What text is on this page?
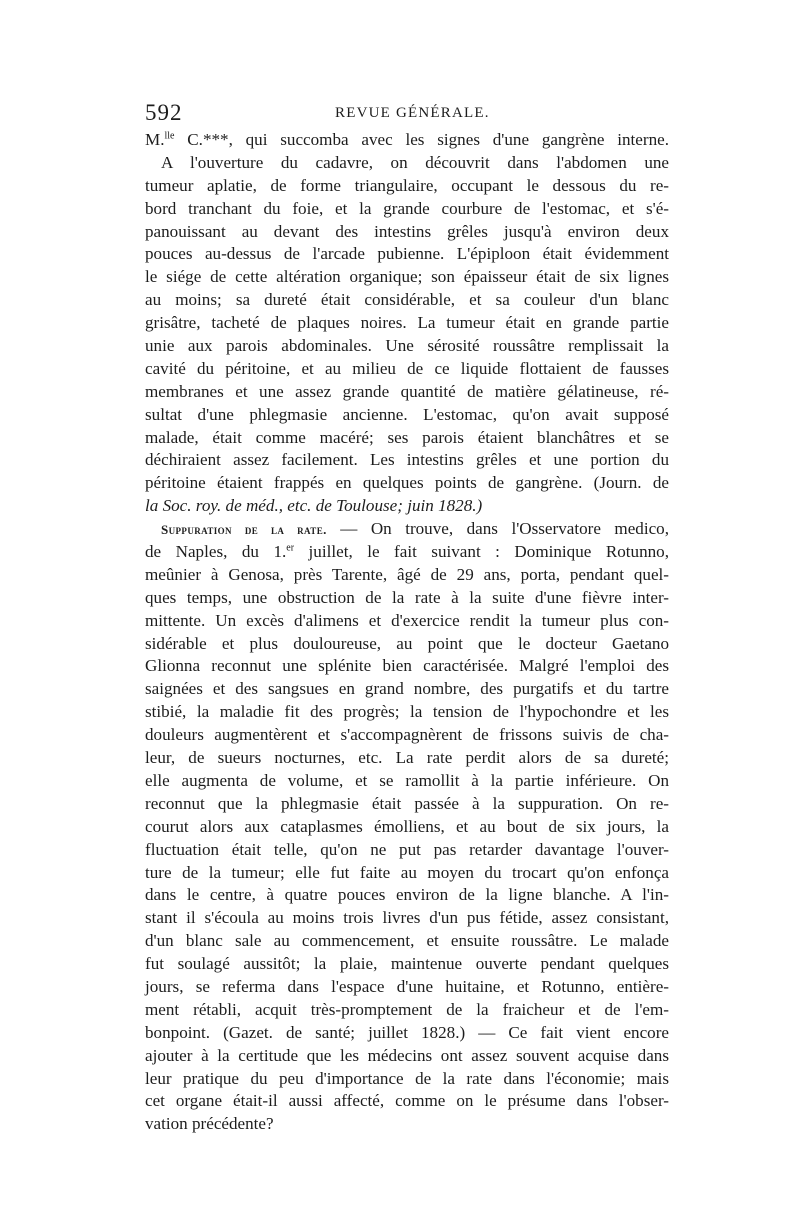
592	REVUE GÉNÉRALE.
M.$^{lle}$ C.***, qui succomba avec les signes d'une gangrène interne.
A l'ouverture du cadavre, on découvrit dans l'abdomen une
tumeur aplatie, de forme triangulaire, occupant le dessous du re-
bord tranchant du foie, et la grande courbure de l'estomac, et s'é-
panouissant au devant des intestins grêles jusqu'à environ deux
pouces au-dessus de l'arcade pubienne. L'épiploon était évidemment
le siége de cette altération organique; son épaisseur était de six lignes
au moins; sa dureté était considérable, et sa couleur d'un blanc
grisâtre, tacheté de plaques noires. La tumeur était en grande partie
unie aux parois abdominales. Une sérosité roussâtre remplissait la
cavité du péritoine, et au milieu de ce liquide flottaient de fausses
membranes et une assez grande quantité de matière gélatineuse, ré-
sultat d'une phlegmasie ancienne. L'estomac, qu'on avait supposé
malade, était comme macéré; ses parois étaient blanchâtres et se
déchiraient assez facilement. Les intestins grêles et une portion du
péritoine étaient frappés en quelques points de gangrène. (Journ. de
la Soc. roy. de méd., etc. de Toulouse; juin 1828.)
Suppuration de la rate. — On trouve, dans l'Osservatore medico,
de Naples, du 1.$^{er}$ juillet, le fait suivant : Dominique Rotunno,
meûnier à Genosa, près Tarente, âgé de 29 ans, porta, pendant quel-
ques temps, une obstruction de la rate à la suite d'une fièvre inter-
mittente. Un excès d'alimens et d'exercice rendit la tumeur plus con-
sidérable et plus douloureuse, au point que le docteur Gaetano
Glionna reconnut une splénite bien caractérisée. Malgré l'emploi des
saignées et des sangsues en grand nombre, des purgatifs et du tartre
stibié, la maladie fit des progrès; la tension de l'hypochondre et les
douleurs augmentèrent et s'accompagnèrent de frissons suivis de cha-
leur, de sueurs nocturnes, etc. La rate perdit alors de sa dureté;
elle augmenta de volume, et se ramollit à la partie inférieure. On
reconnut que la phlegmasie était passée à la suppuration. On re-
courut alors aux cataplasmes émolliens, et au bout de six jours, la
fluctuation était telle, qu'on ne put pas retarder davantage l'ouver-
ture de la tumeur; elle fut faite au moyen du trocart qu'on enfonça
dans le centre, à quatre pouces environ de la ligne blanche. A l'in-
stant il s'écoula au moins trois livres d'un pus fétide, assez consistant,
d'un blanc sale au commencement, et ensuite roussâtre. Le malade
fut soulagé aussitôt; la plaie, maintenue ouverte pendant quelques
jours, se referma dans l'espace d'une huitaine, et Rotunno, entière-
ment rétabli, acquit très-promptement de la fraicheur et de l'em-
bonpoint. (Gazet. de santé; juillet 1828.) — Ce fait vient encore
ajouter à la certitude que les médecins ont assez souvent acquise dans
leur pratique du peu d'importance de la rate dans l'économie; mais
cet organe était-il aussi affecté, comme on le présume dans l'obser-
vation précédente?
